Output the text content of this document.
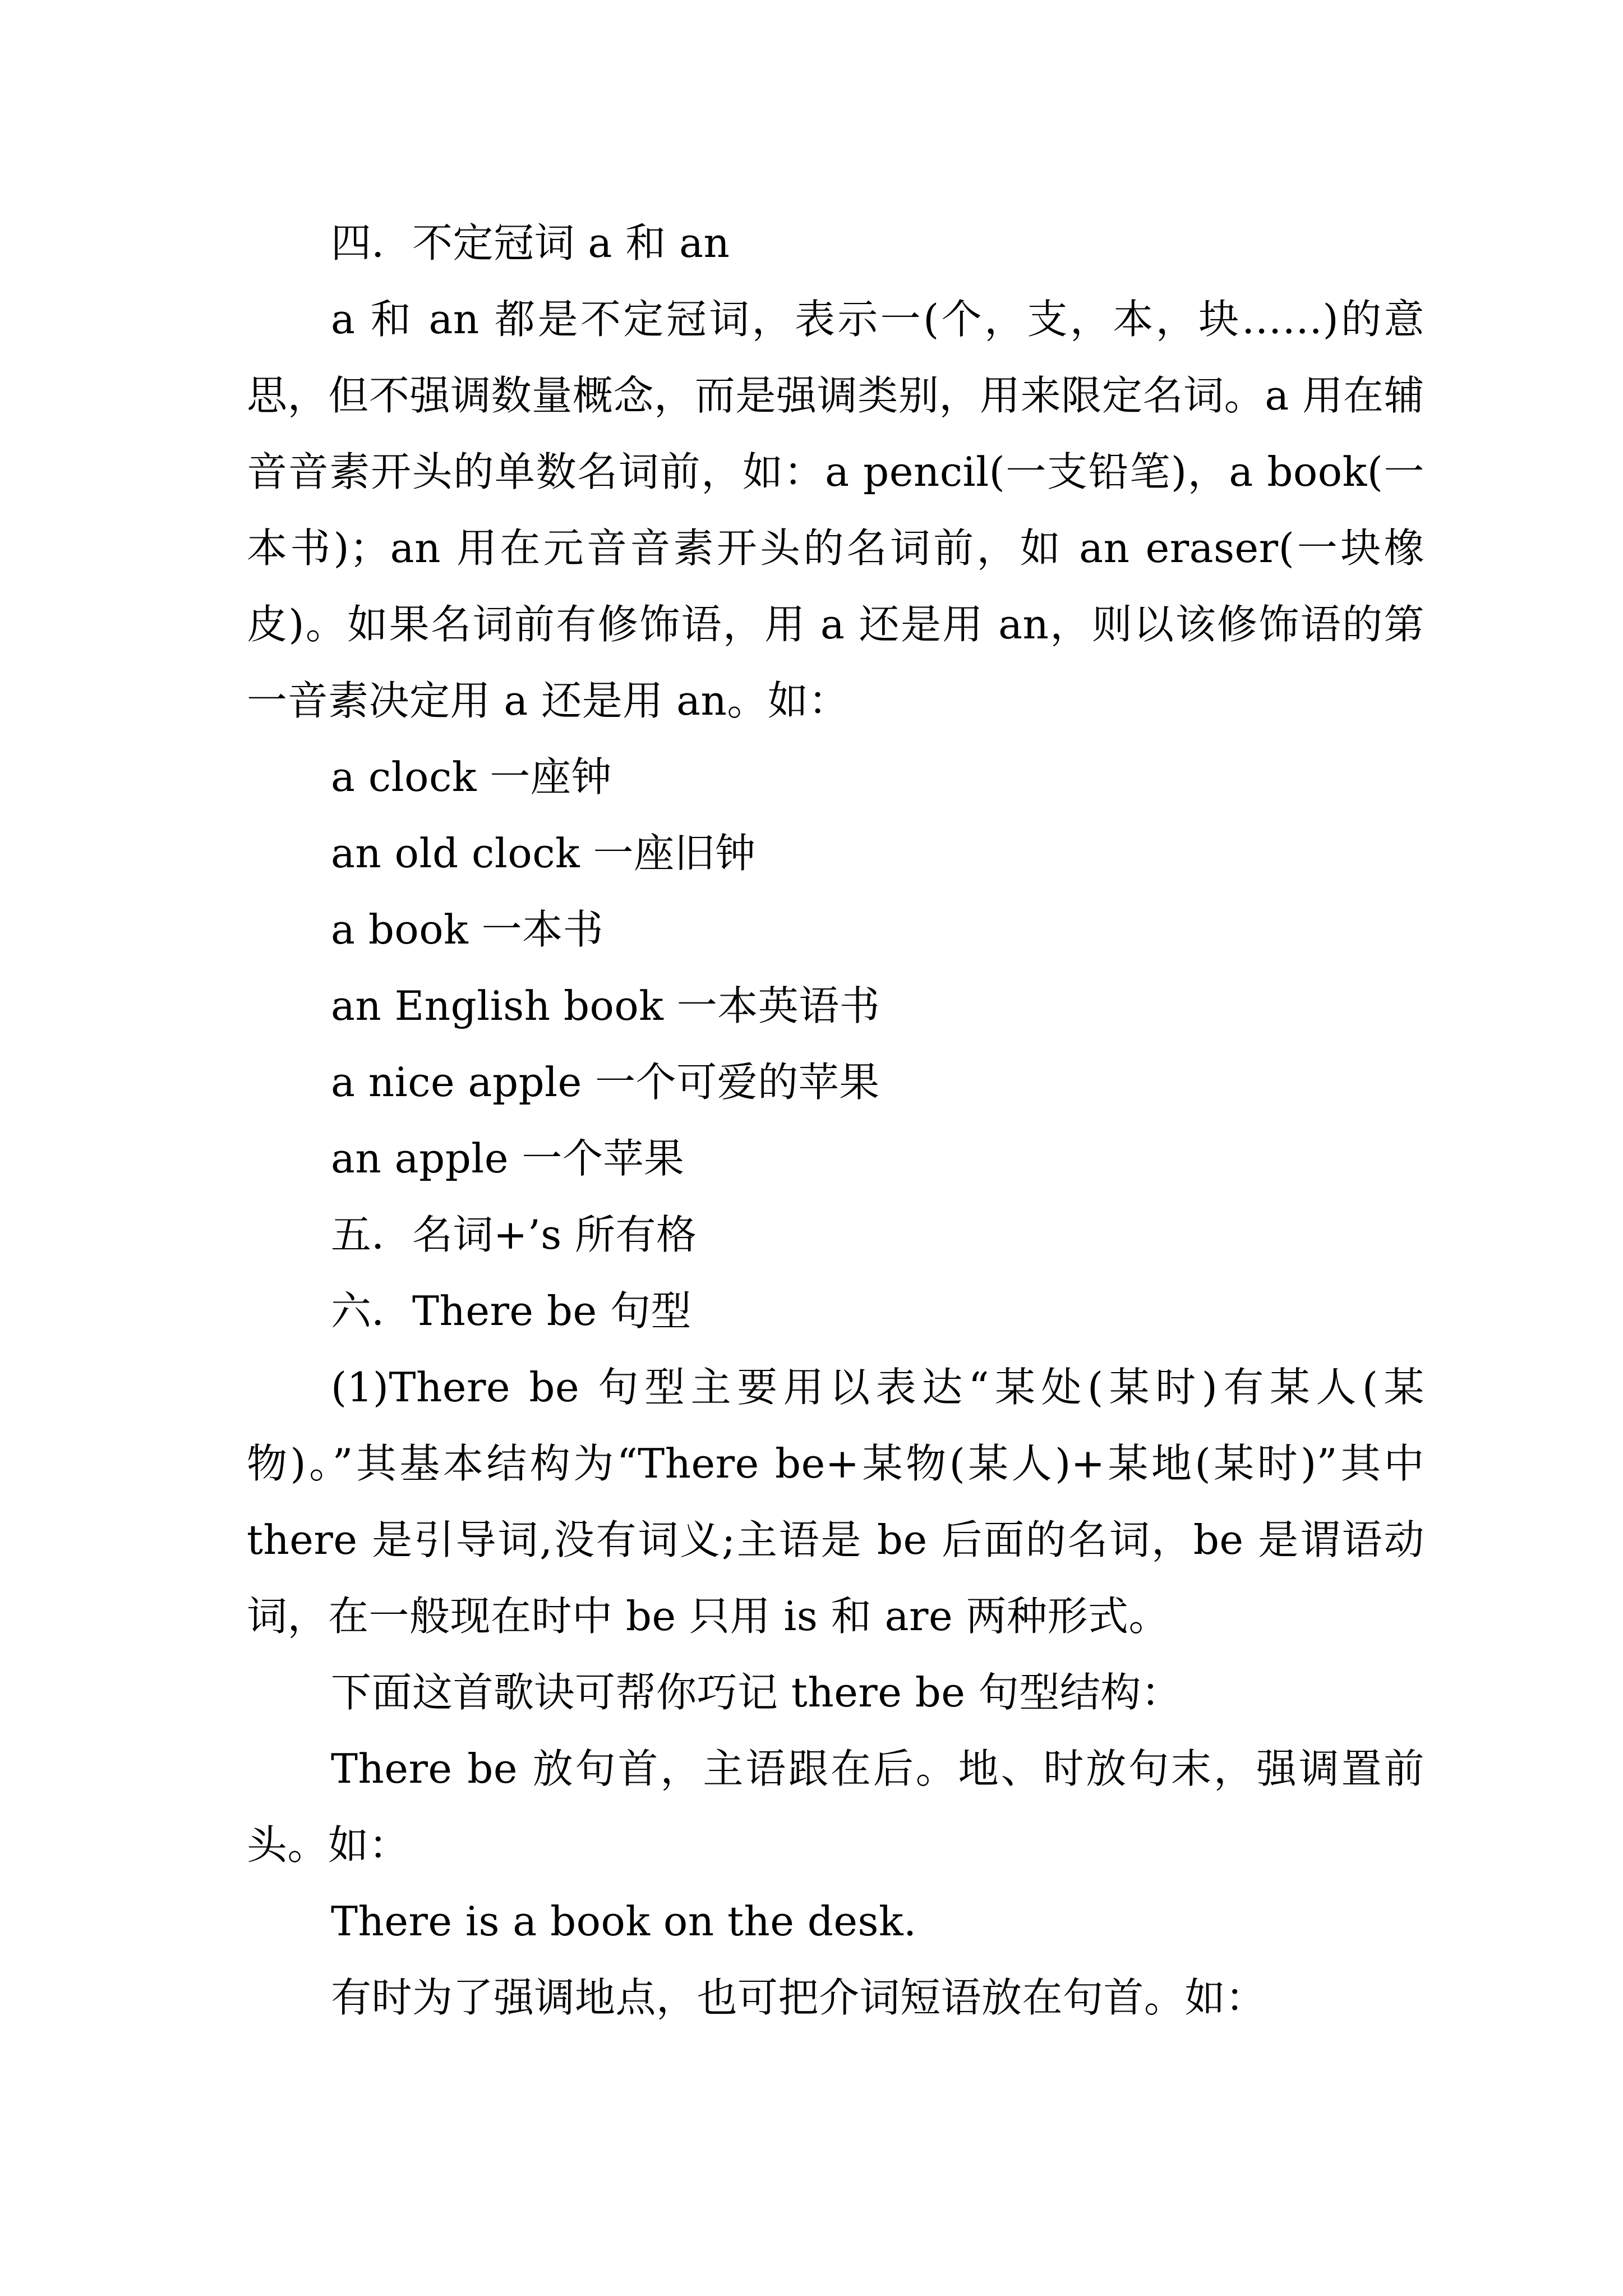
四．不定冠词 a 和 an

a 和 an 都是不定冠词，表示一(个，支，本，块……)的意思，但不强调数量概念，而是强调类别，用来限定名词。a 用在辅音音素开头的单数名词前，如：a pencil(一支铅笔)，a book(一本书)；an 用在元音音素开头的名词前，如 an eraser(一块橡皮)。如果名词前有修饰语，用 a 还是用 an，则以该修饰语的第一音素决定用 a 还是用 an。如：

a clock 一座钟

an old clock 一座旧钟

a book 一本书

an English book 一本英语书

a nice apple 一个可爱的苹果

an apple 一个苹果

五．名词+’s 所有格

六．There be 句型

(1)There be 句型主要用以表达“某处(某时)有某人(某物)。”其基本结构为“There be+某物(某人)+某地(某时)”其中 there 是引导词,没有词义;主语是 be 后面的名词，be 是谓语动词，在一般现在时中 be 只用 is 和 are 两种形式。

下面这首歌诀可帮你巧记 there be 句型结构：

There be 放句首，主语跟在后。地、时放句末，强调置前头。如：

There is a book on the desk.

有时为了强调地点，也可把介词短语放在句首。如：
